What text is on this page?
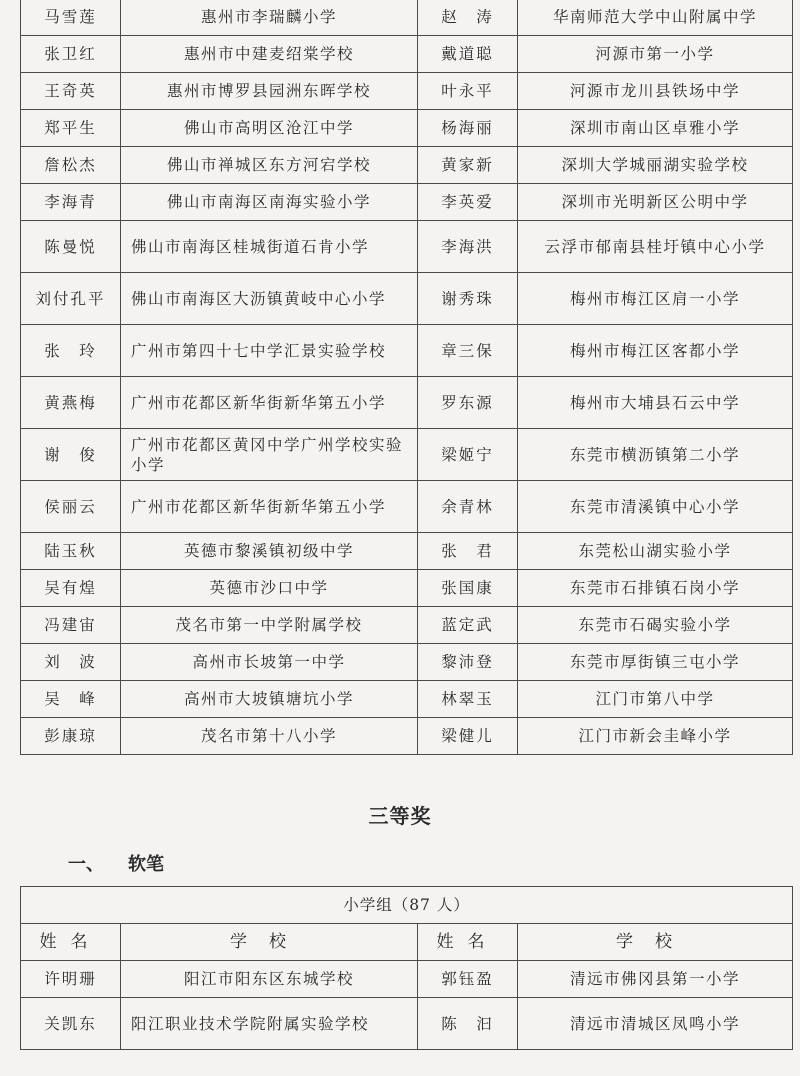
马雪莲	惠州市李瑞麟小学	赵　涛	华南师范大学中山附属中学
张卫红	惠州市中建麦绍棠学校	戴道聪	河源市第一小学
王奇英	惠州市博罗县园洲东晖学校	叶永平	河源市龙川县铁场中学
郑平生	佛山市高明区沧江中学	杨海丽	深圳市南山区卓雅小学
詹松杰	佛山市禅城区东方河宕学校	黄家新	深圳大学城丽湖实验学校
李海青	佛山市南海区南海实验小学	李英爱	深圳市光明新区公明中学
陈曼悦	佛山市南海区桂城街道石肯小学	李海洪	云浮市郁南县桂圩镇中心小学
刘付孔平	佛山市南海区大沥镇黄岐中心小学	谢秀珠	梅州市梅江区肩一小学
张　玲	广州市第四十七中学汇景实验学校	章三保	梅州市梅江区客都小学
黄燕梅	广州市花都区新华街新华第五小学	罗东源	梅州市大埔县石云中学
谢　俊	广州市花都区黄冈中学广州学校实验小学	梁姬宁	东莞市横沥镇第二小学
侯丽云	广州市花都区新华街新华第五小学	余青林	东莞市清溪镇中心小学
陆玉秋	英德市黎溪镇初级中学	张　君	东莞松山湖实验小学
吴有煌	英德市沙口中学	张国康	东莞市石排镇石岗小学
冯建宙	茂名市第一中学附属学校	蓝定武	东莞市石碣实验小学
刘　波	高州市长坡第一中学	黎沛登	东莞市厚街镇三屯小学
吴　峰	高州市大坡镇塘坑小学	林翠玉	江门市第八中学
彭康琼	茂名市第十八小学	梁健儿	江门市新会圭峰小学
三等奖
一、 软笔
小学组（87 人）			
姓名	学校	姓名	学校
许明珊	阳江市阳东区东城学校	郭钰盈	清远市佛冈县第一小学
关凯东	阳江职业技术学院附属实验学校	陈　汩	清远市清城区凤鸣小学
